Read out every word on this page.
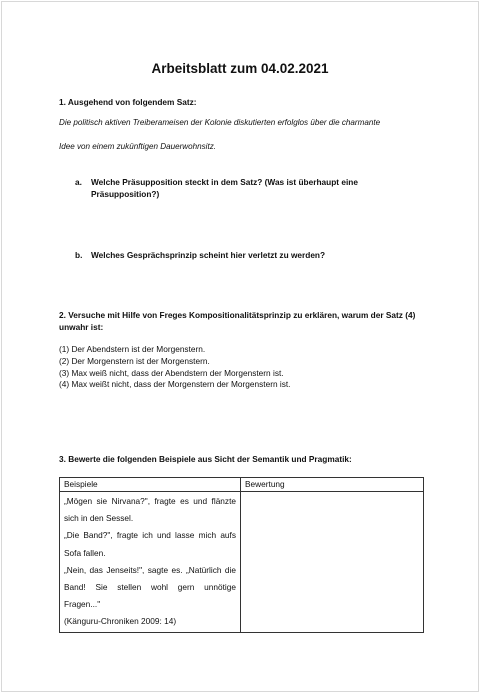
Arbeitsblatt zum 04.02.2021

1. Ausgehend von folgendem Satz:

Die politisch aktiven Treiberameisen der Kolonie diskutierten erfolglos über die charmante

Idee von einem zukünftigen Dauerwohnsitz.

a. Welche Präsupposition steckt in dem Satz? (Was ist überhaupt eine Präsupposition?)
b. Welches Gesprächsprinzip scheint hier verletzt zu werden?

2. Versuche mit Hilfe von Freges Kompositionalitätsprinzip zu erklären, warum der Satz (4) unwahr ist:

(1) Der Abendstern ist der Morgenstern.
(2) Der Morgenstern ist der Morgenstern.
(3) Max weiß nicht, dass der Abendstern der Morgenstern ist.
(4) Max weißt nicht, dass der Morgenstern der Morgenstern ist.

3. Bewerte die folgenden Beispiele aus Sicht der Semantik und Pragmatik:

Beispiele	Bewertung

„Mögen sie Nirvana?", fragte es und flänzte sich in den Sessel.

„Die Band?", fragte ich und lasse mich aufs Sofa fallen.

„Nein, das Jenseits!", sagte es. „Natürlich die Band! Sie stellen wohl gern unnötige Fragen..."

(Känguru-Chroniken 2009: 14)	
